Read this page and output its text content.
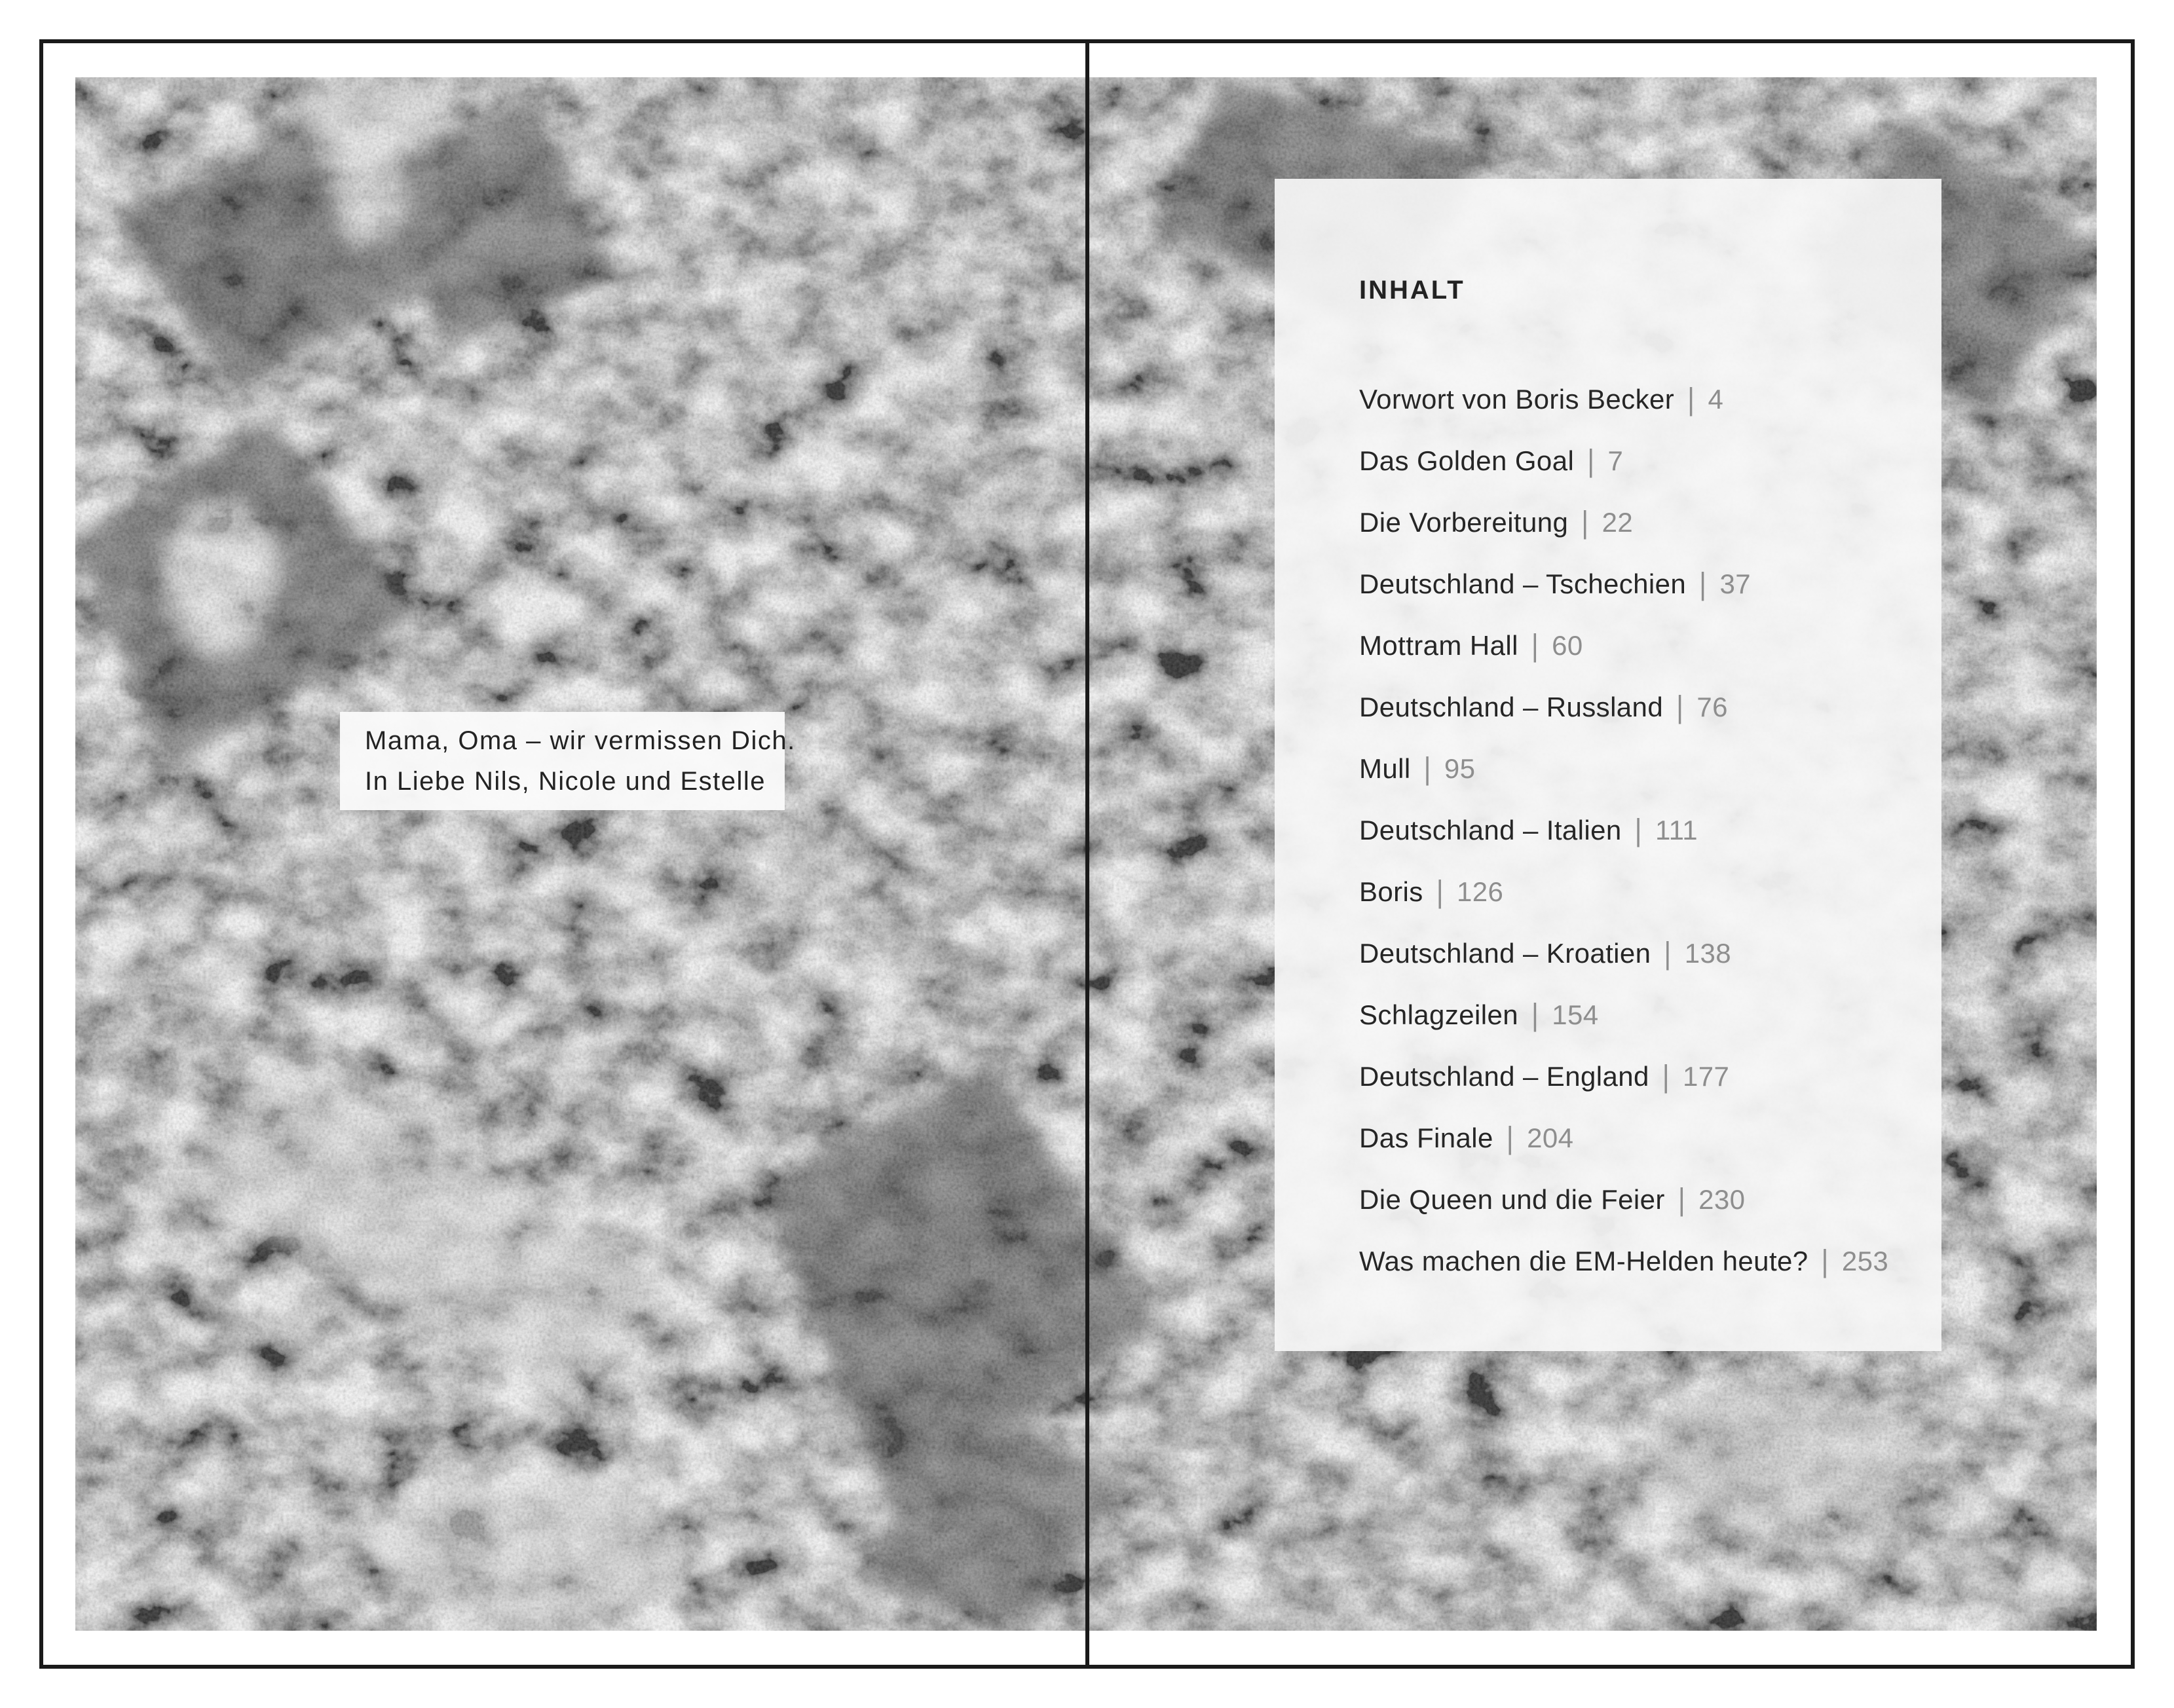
Mama, Oma – wir vermissen Dich.
In Liebe Nils, Nicole und Estelle
INHALT
Vorwort von Boris Becker | 4
Das Golden Goal | 7
Die Vorbereitung | 22
Deutschland – Tschechien | 37
Mottram Hall | 60
Deutschland – Russland | 76
Mull | 95
Deutschland – Italien | 111
Boris | 126
Deutschland – Kroatien | 138
Schlagzeilen | 154
Deutschland – England | 177
Das Finale | 204
Die Queen und die Feier | 230
Was machen die EM-Helden heute? | 253
